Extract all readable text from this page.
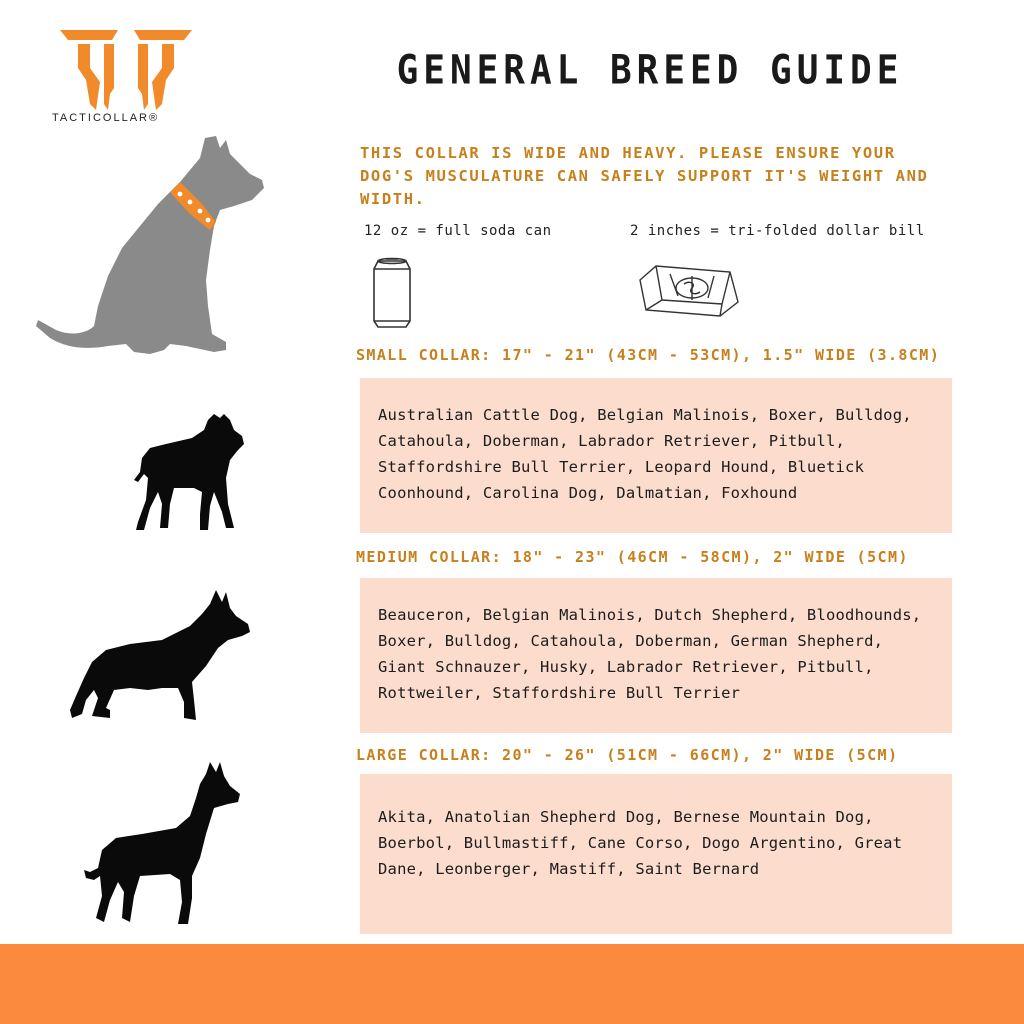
TACTICOLLAR®
GENERAL BREED GUIDE
THIS COLLAR IS WIDE AND HEAVY. PLEASE ENSURE YOUR DOG'S MUSCULATURE CAN SAFELY SUPPORT IT'S WEIGHT AND WIDTH.
12 oz = full soda can	2 inches = tri-folded dollar bill
SMALL COLLAR: 17" - 21" (43CM - 53CM), 1.5" WIDE (3.8CM)
Australian Cattle Dog, Belgian Malinois, Boxer, Bulldog, Catahoula, Doberman, Labrador Retriever, Pitbull, Staffordshire Bull Terrier, Leopard Hound, Bluetick Coonhound, Carolina Dog, Dalmatian, Foxhound
MEDIUM COLLAR: 18" - 23" (46CM - 58CM), 2" WIDE (5CM)
Beauceron, Belgian Malinois, Dutch Shepherd, Bloodhounds, Boxer, Bulldog, Catahoula, Doberman, German Shepherd, Giant Schnauzer, Husky, Labrador Retriever, Pitbull, Rottweiler, Staffordshire Bull Terrier
LARGE COLLAR: 20" - 26" (51CM - 66CM), 2" WIDE (5CM)
Akita, Anatolian Shepherd Dog, Bernese Mountain Dog, Boerbol, Bullmastiff, Cane Corso, Dogo Argentino, Great Dane, Leonberger, Mastiff, Saint Bernard
